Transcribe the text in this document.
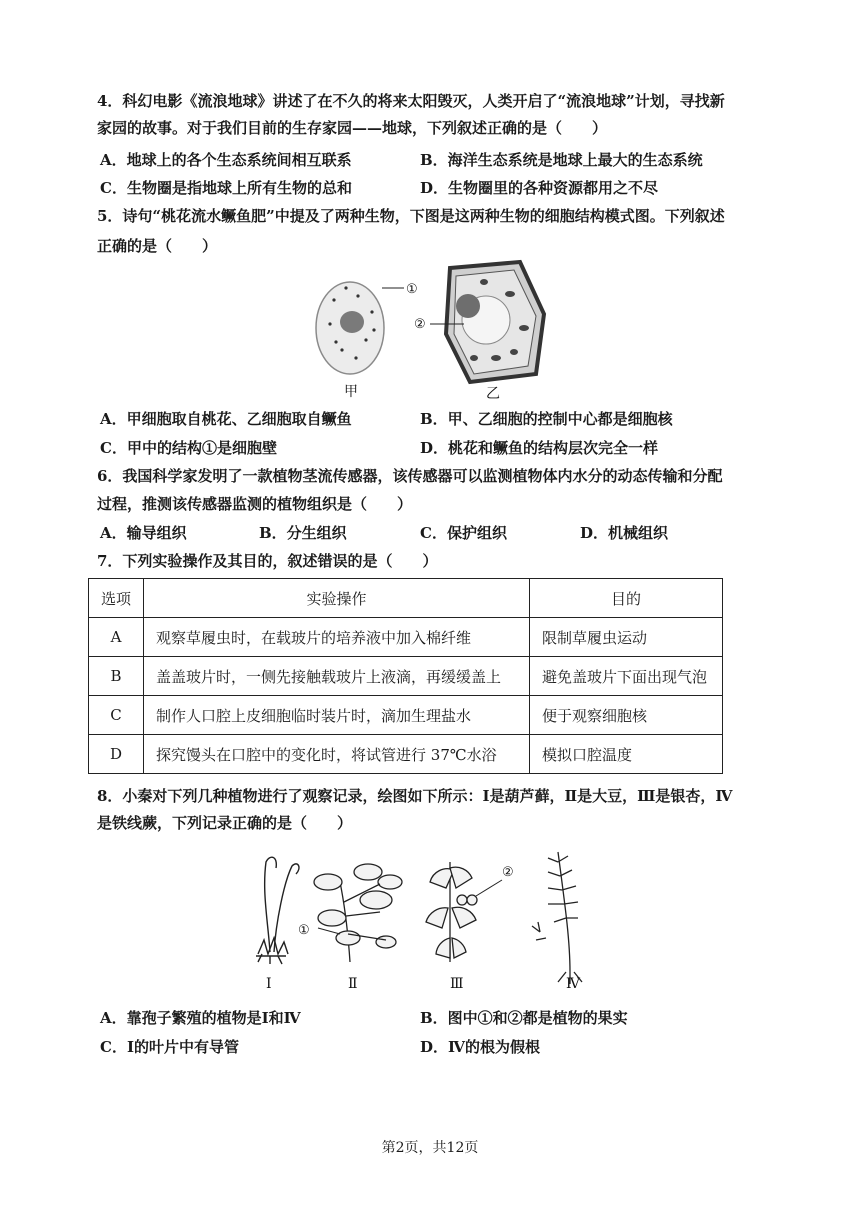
4．科幻电影《流浪地球》讲述了在不久的将来太阳毁灭，人类开启了“流浪地球”计划，寻找新
家园的故事。对于我们目前的生存家园——地球，下列叙述正确的是（　　）
A．地球上的各个生态系统间相互联系	B．海洋生态系统是地球上最大的生态系统
C．生物圈是指地球上所有生物的总和	D．生物圈里的各种资源都用之不尽
5．诗句“桃花流水鳜鱼肥”中提及了两种生物，下图是这两种生物的细胞结构模式图。下列叙述
正确的是（　　）
①
②
甲	乙
A．甲细胞取自桃花、乙细胞取自鳜鱼	B．甲、乙细胞的控制中心都是细胞核
C．甲中的结构①是细胞壁	D．桃花和鳜鱼的结构层次完全一样
6．我国科学家发明了一款植物茎流传感器，该传感器可以监测植物体内水分的动态传输和分配
过程，推测该传感器监测的植物组织是（　　）
A．输导组织	B．分生组织	C．保护组织	D．机械组织
7．下列实验操作及其目的，叙述错误的是（　　）
选项	实验操作	目的
A	观察草履虫时，在载玻片的培养液中加入棉纤维	限制草履虫运动
B	盖盖玻片时，一侧先接触载玻片上液滴，再缓缓盖上	避免盖玻片下面出现气泡
C	制作人口腔上皮细胞临时装片时，滴加生理盐水	便于观察细胞核
D	探究馒头在口腔中的变化时，将试管进行 37℃水浴	模拟口腔温度
8．小秦对下列几种植物进行了观察记录，绘图如下所示：Ⅰ是葫芦藓，Ⅱ是大豆，Ⅲ是银杏，Ⅳ
是铁线蕨，下列记录正确的是（　　）
①
②
Ⅰ	Ⅱ	Ⅲ	Ⅳ
A．靠孢子繁殖的植物是Ⅰ和Ⅳ	B．图中①和②都是植物的果实
C．Ⅰ的叶片中有导管	D．Ⅳ的根为假根
第2页，共12页
